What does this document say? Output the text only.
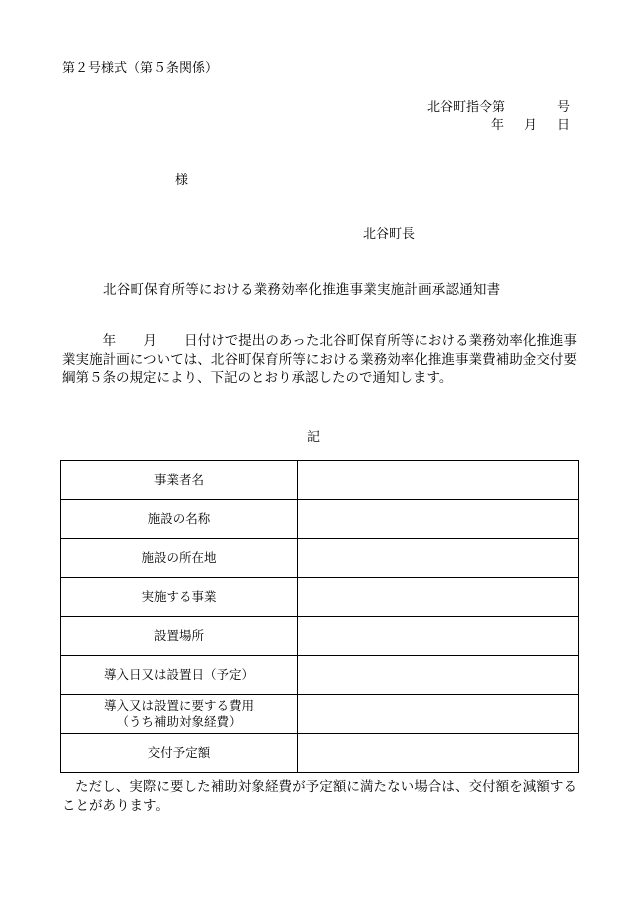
第２号様式（第５条関係）
北谷町指令第	号
年 月 日
様
北谷町長
北谷町保育所等における業務効率化推進事業実施計画承認通知書
　　　年　　月　　日付けで提出のあった北谷町保育所等における業務効率化推進事業実施計画については、北谷町保育所等における業務効率化推進事業費補助金交付要綱第５条の規定により、下記のとおり承認したので通知します。
記
事業者名	
施設の名称	
施設の所在地	
実施する事業	
設置場所	
導入日又は設置日（予定）	

導入又は設置に要する費用
（うち補助対象経費）	

交付予定額	
ただし、実際に要した補助対象経費が予定額に満たない場合は、交付額を減額することがあります。
